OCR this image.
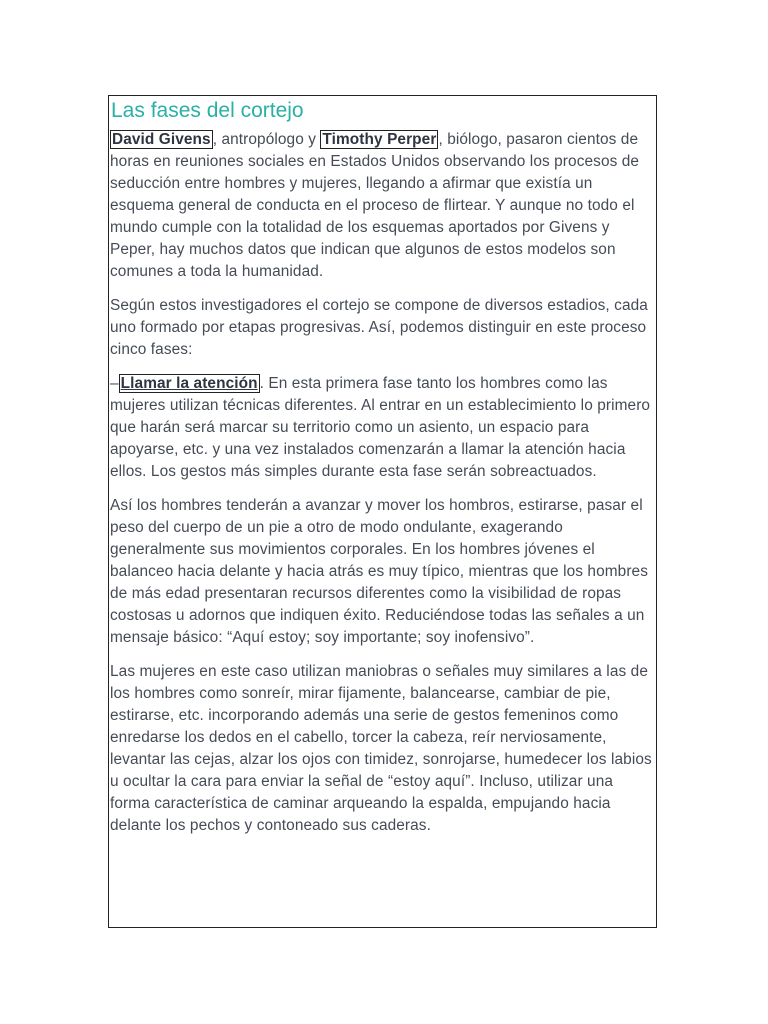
Las fases del cortejo

David Givens , antropólogo y Timothy Perper , biólogo, pasaron cientos de horas en reuniones sociales en Estados Unidos observando los procesos de seducción entre hombres y mujeres, llegando a afirmar que existía un esquema general de conducta en el proceso de flirtear. Y aunque no todo el mundo cumple con la totalidad de los esquemas aportados por Givens y Peper, hay muchos datos que indican que algunos de estos modelos son comunes a toda la humanidad.

Según estos investigadores el cortejo se compone de diversos estadios, cada uno formado por etapas progresivas. Así, podemos distinguir en este proceso cinco fases:

– Llamar la atención . En esta primera fase tanto los hombres como las mujeres utilizan técnicas diferentes. Al entrar en un establecimiento lo primero que harán será marcar su territorio como un asiento, un espacio para apoyarse, etc. y una vez instalados comenzarán a llamar la atención hacia ellos. Los gestos más simples durante esta fase serán sobreactuados.

Así los hombres tenderán a avanzar y mover los hombros, estirarse, pasar el peso del cuerpo de un pie a otro de modo ondulante, exagerando generalmente sus movimientos corporales. En los hombres jóvenes el balanceo hacia delante y hacia atrás es muy típico, mientras que los hombres de más edad presentaran recursos diferentes como la visibilidad de ropas costosas u adornos que indiquen éxito. Reduciéndose todas las señales a un mensaje básico: “Aquí estoy; soy importante; soy inofensivo”.

Las mujeres en este caso utilizan maniobras o señales muy similares a las de los hombres como sonreír, mirar fijamente, balancearse, cambiar de pie, estirarse, etc. incorporando además una serie de gestos femeninos como enredarse los dedos en el cabello, torcer la cabeza, reír nerviosamente, levantar las cejas, alzar los ojos con timidez, sonrojarse, humedecer los labios u ocultar la cara para enviar la señal de “estoy aquí”. Incluso, utilizar una forma característica de caminar arqueando la espalda, empujando hacia delante los pechos y contoneado sus caderas.
